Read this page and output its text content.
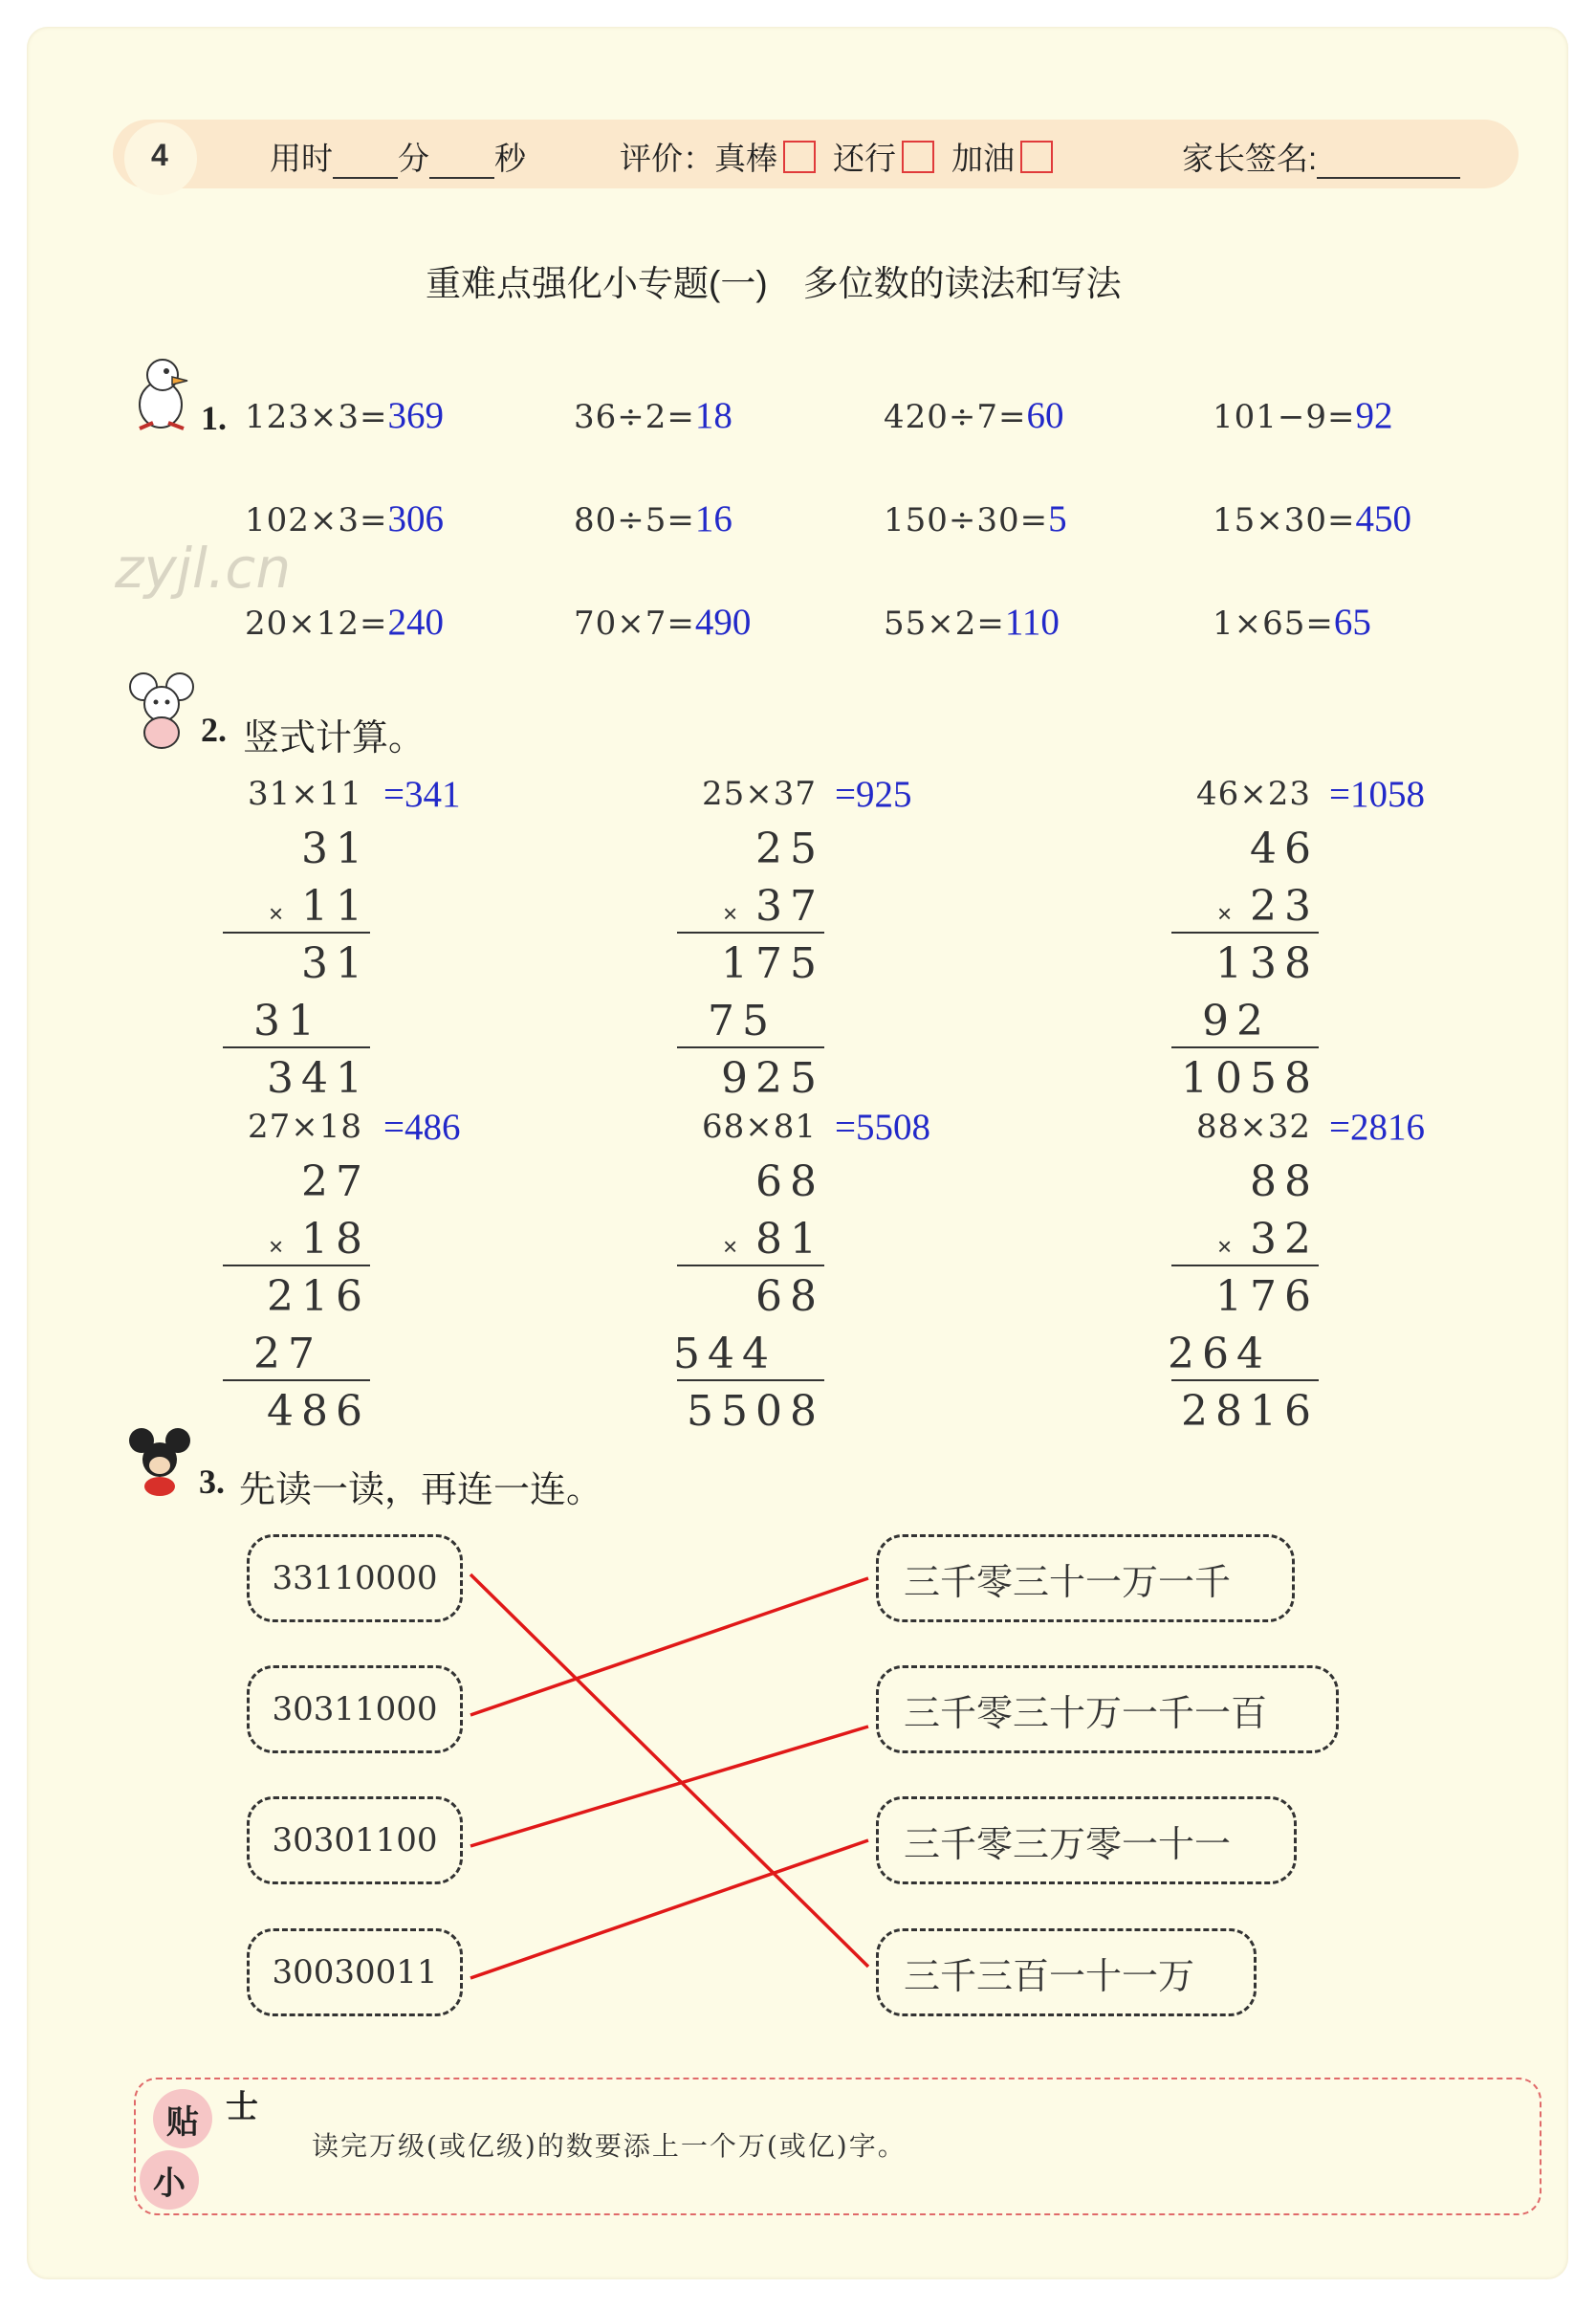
4	用时 分 秒	评价：真棒 还行 加油	家长签名:
重难点强化小专题(一)　多位数的读法和写法
zyjl.cn
1. 123×3=369	36÷2=18	420÷7=60	101−9=92
102×3=306	80÷5=16	150÷30=5	15×30=450
20×12=240	70×7=490	55×2=110	1×65=65
2. 竖式计算。
31×11 =341
31
11
×
31
31
341
25×37 =925
25
37
×
175
75
925
46×23 =1058
46
23
×
138
92
1058
27×18 =486
27
18
×
216
27
486
68×81 =5508
68
81
×
68
544
5508
88×32 =2816
88
32
×
176
264
2816
3. 先读一读，再连一连。
33110000
30311000
30301100
30030011
三千零三十一万一千
三千零三十万一千一百
三千零三万零一十一
三千三百一十一万
贴 士
小
读完万级(或亿级)的数要添上一个万(或亿)字。
